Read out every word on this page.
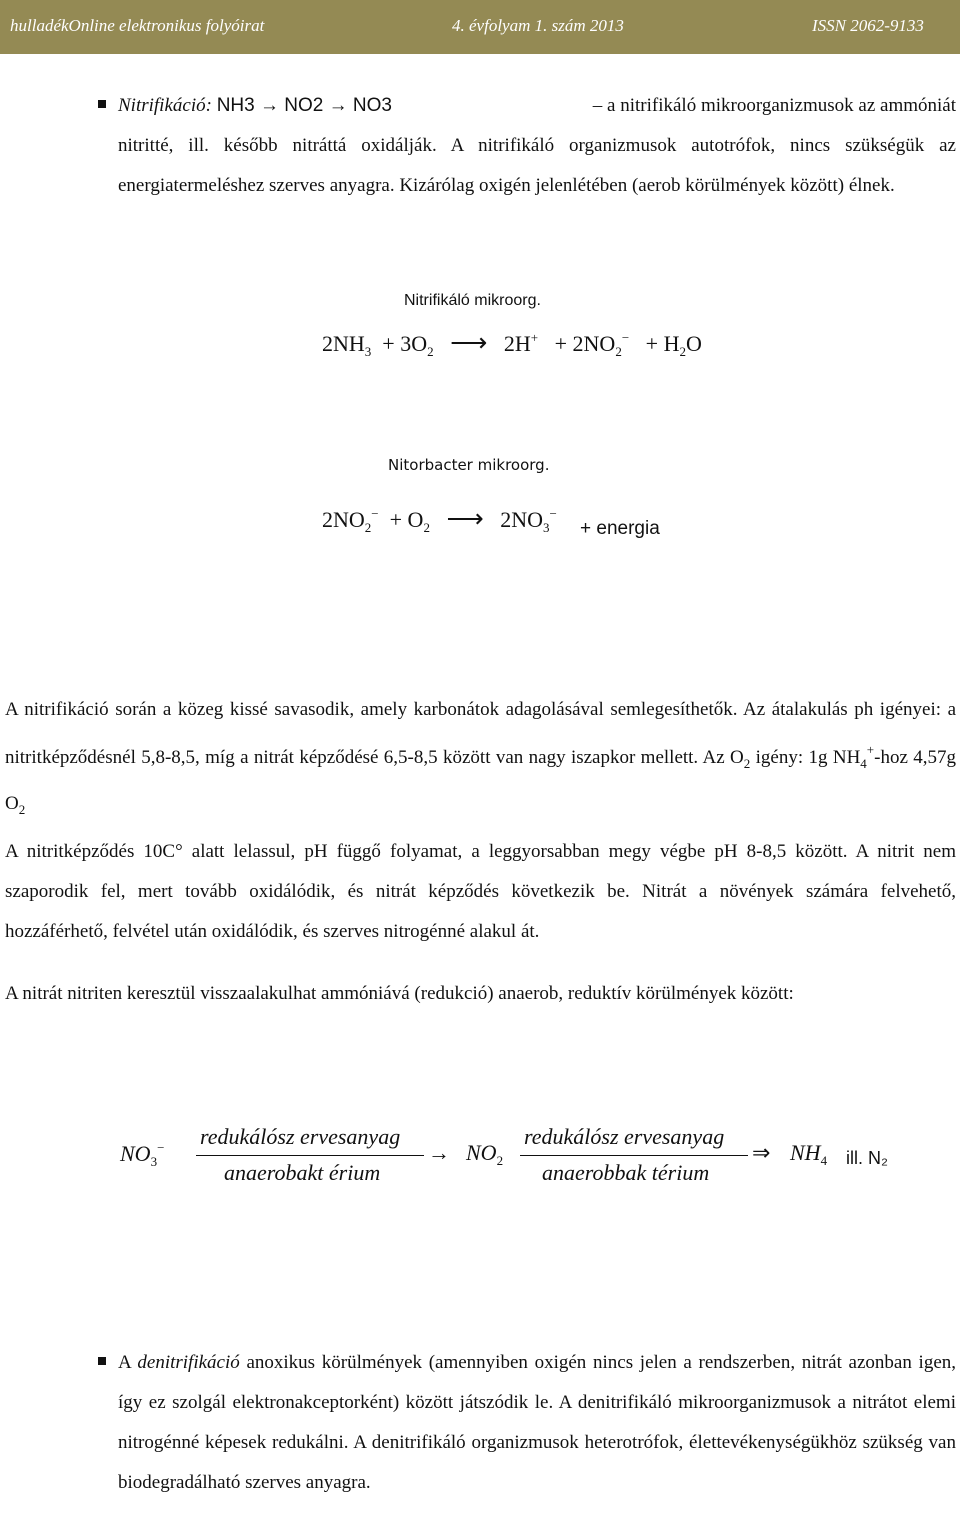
hulladékOnline elektronikus folyóirat	4. évfolyam 1. szám 2013	ISSN 2062-9133
Nitrifikáció: NH3 → NO2 → NO3	– a nitrifikáló mikroorganizmusok az ammóniát
nitritté, ill. később nitráttá oxidálják. A nitrifikáló organizmusok autotrófok, nincs szükségük az energiatermeléshez szerves anyagra. Kizárólag oxigén jelenlétében (aerob körülmények között) élnek.
Nitrifikáló mikroorg.
$2NH_3 + 3O_2$ ⟶ $2H^+ + 2NO_2^- + H_2O$
Nitorbacter mikroorg.
$2NO_2^- + O_2$ ⟶ $2NO_3^-$
+ energia
A nitrifikáció során a közeg kissé savasodik, amely karbonátok adagolásával semlegesíthetők. Az átalakulás ph igényei: a nitritképződésnél 5,8-8,5, míg a nitrát képződésé 6,5-8,5 között van nagy iszapkor mellett. Az $O_2$ igény: 1g $NH_4^+$-hoz 4,57g $O_2$
A nitritképződés 10C° alatt lelassul, pH függő folyamat, a leggyorsabban megy végbe pH 8-8,5 között. A nitrit nem szaporodik fel, mert tovább oxidálódik, és nitrát képződés következik be. Nitrát a növények számára felvehető, hozzáférhető, felvétel után oxidálódik, és szerves nitrogénné alakul át.
A nitrát nitriten keresztül visszaalakulhat ammóniává (redukció) anaerob, reduktív körülmények között:
$NO_3^-$ redukálósz ervesanyag
anaerobakt érium
→ $NO_2$
redukálósz ervesanyag
anaerobbak térium
⇒ $NH_4$ ill. N₂
A denitrifikáció anoxikus körülmények (amennyiben oxigén nincs jelen a rendszerben, nitrát azonban igen, így ez szolgál elektronakceptorként) között játszódik le. A denitrifikáló mikroorganizmusok a nitrátot elemi nitrogénné képesek redukálni. A denitrifikáló organizmusok heterotrófok, élettevékenységükhöz szükség van biodegradálható szerves anyagra.
